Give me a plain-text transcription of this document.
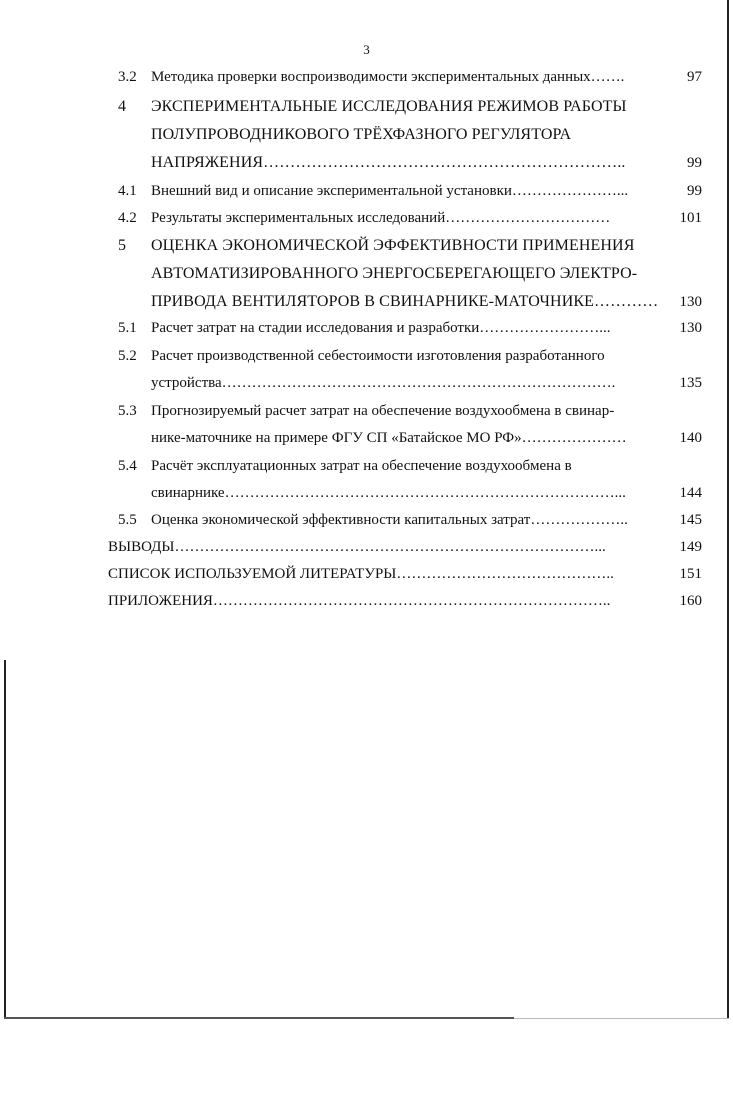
3
3.2 Методика проверки воспроизводимости экспериментальных данных…….	97
4 ЭКСПЕРИМЕНТАЛЬНЫЕ ИССЛЕДОВАНИЯ РЕЖИМОВ РАБОТЫ
ПОЛУПРОВОДНИКОВОГО ТРЁХФАЗНОГО РЕГУЛЯТОРА
НАПРЯЖЕНИЯ…………………………………………………………..	99
4.1 Внешний вид и описание экспериментальной установки…………………...	99
4.2 Результаты экспериментальных исследований……………………………	101
5 ОЦЕНКА ЭКОНОМИЧЕСКОЙ ЭФФЕКТИВНОСТИ ПРИМЕНЕНИЯ
АВТОМАТИЗИРОВАННОГО ЭНЕРГОСБЕРЕГАЮЩЕГО ЭЛЕКТРО-
ПРИВОДА ВЕНТИЛЯТОРОВ В СВИНАРНИКЕ-МАТОЧНИКЕ…………	130
5.1 Расчет затрат на стадии исследования и разработки……………………...	130
5.2 Расчет производственной себестоимости изготовления разработанного
устройства…………………………………………………………………….	135
5.3 Прогнозируемый расчет затрат на обеспечение воздухообмена в свинар-
нике-маточнике на примере ФГУ СП «Батайское МО РФ»…………………	140
5.4 Расчёт эксплуатационных затрат на обеспечение воздухообмена в
свинарнике……………………………………………………………………...	144
5.5 Оценка экономической эффективности капитальных затрат………………..	145
ВЫВОДЫ…………………………………………………………………………...	149
СПИСОК ИСПОЛЬЗУЕМОЙ ЛИТЕРАТУРЫ……………………………………..	151
ПРИЛОЖЕНИЯ……………………………………………………………………..	160
